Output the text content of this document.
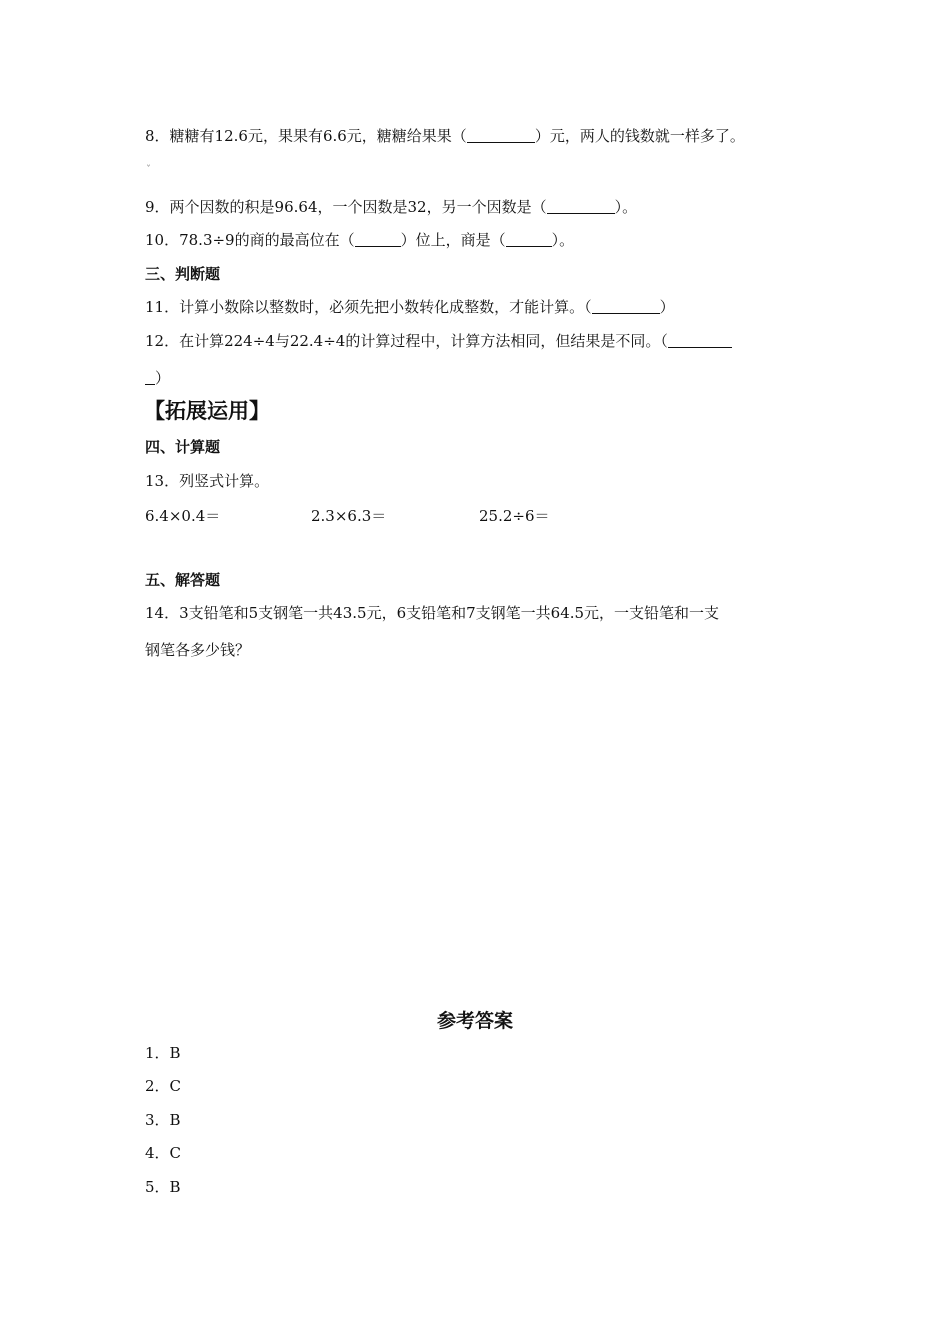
8．糖糖有12.6元，果果有6.6元，糖糖给果果（	）元，两人的钱数就一样多了。
˯
9．两个因数的积是96.64，一个因数是32，另一个因数是（	）。
10．78.3÷9的商的最高位在（	）位上，商是（	）。
三、判断题
11．计算小数除以整数时，必须先把小数转化成整数，才能计算。（	）
12．在计算224÷4与22.4÷4的计算过程中，计算方法相同，但结果是不同。（
）
【拓展运用】
四、计算题
13．列竖式计算。
6.4×0.4＝	2.3×6.3＝	25.2÷6＝
五、解答题
14．3支铅笔和5支钢笔一共43.5元，6支铅笔和7支钢笔一共64.5元，一支铅笔和一支
钢笔各多少钱？
参考答案
1．B
2．C
3．B
4．C
5．B
